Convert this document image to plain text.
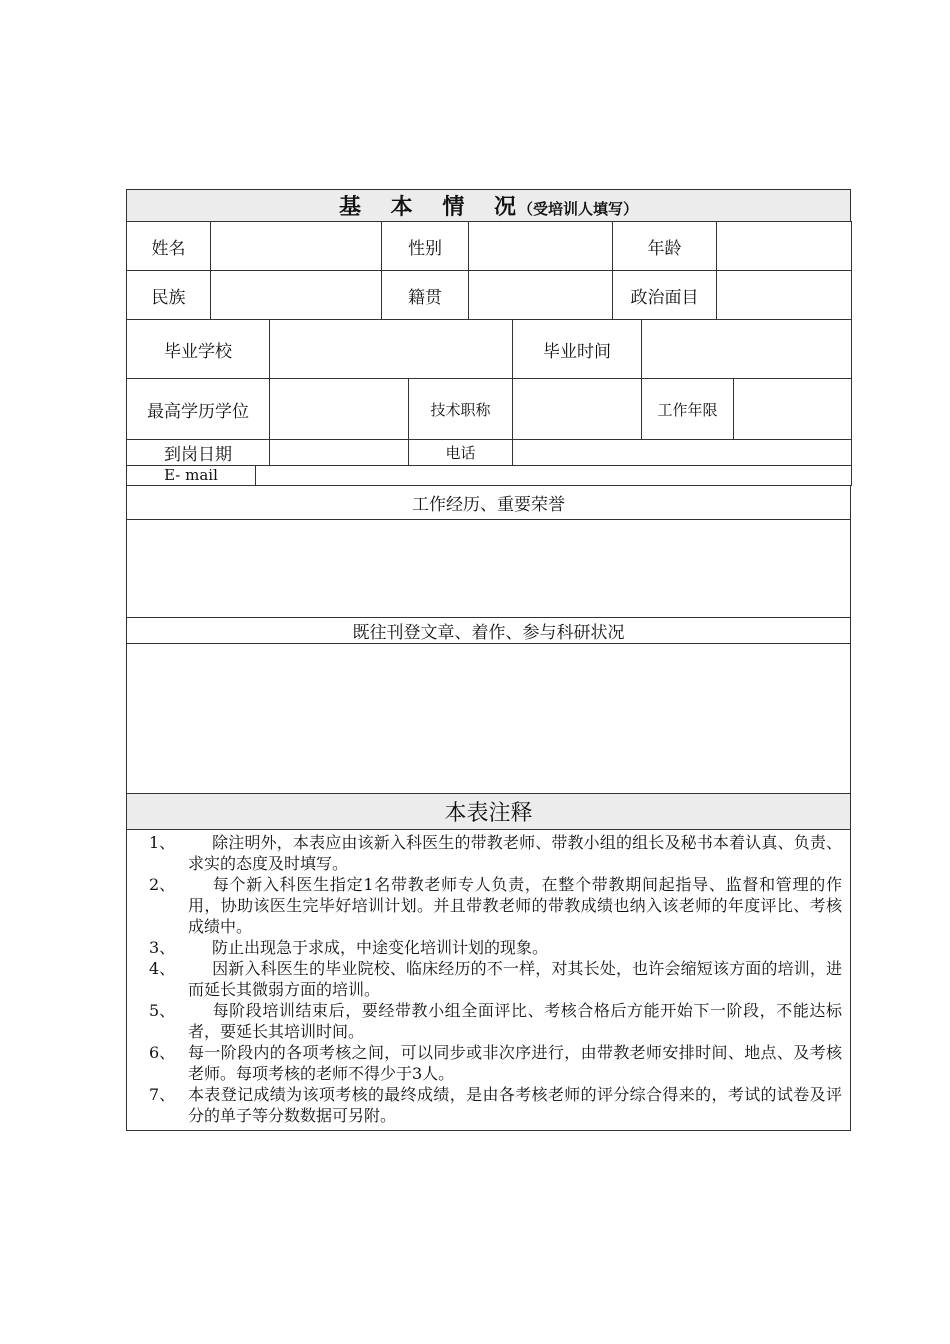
基 本 情 况（受培训人填写）
姓名		性别		年龄	
民族		籍贯		政治面目	
毕业学校		毕业时间	
最高学历学位		技术职称		工作年限	
到岗日期		电话	
E- mail	
工作经历、重要荣誉

既往刊登文章、着作、参与科研状况

本表注释

1、	除注明外，本表应由该新入科医生的带教老师、带教小组的组长及秘书本着认真、负责、求实的态度及时填写。
2、	每个新入科医生指定1名带教老师专人负责，在整个带教期间起指导、监督和管理的作用，协助该医生完毕好培训计划。并且带教老师的带教成绩也纳入该老师的年度评比、考核成绩中。
3、	防止出现急于求成，中途变化培训计划的现象。
4、	因新入科医生的毕业院校、临床经历的不一样，对其长处，也许会缩短该方面的培训，进而延长其微弱方面的培训。
5、	每阶段培训结束后，要经带教小组全面评比、考核合格后方能开始下一阶段，不能达标者，要延长其培训时间。
6、 每一阶段内的各项考核之间，可以同步或非次序进行，由带教老师安排时间、地点、及考核老师。每项考核的老师不得少于3人。
7、 本表登记成绩为该项考核的最终成绩，是由各考核老师的评分综合得来的，考试的试卷及评分的单子等分数数据可另附。
